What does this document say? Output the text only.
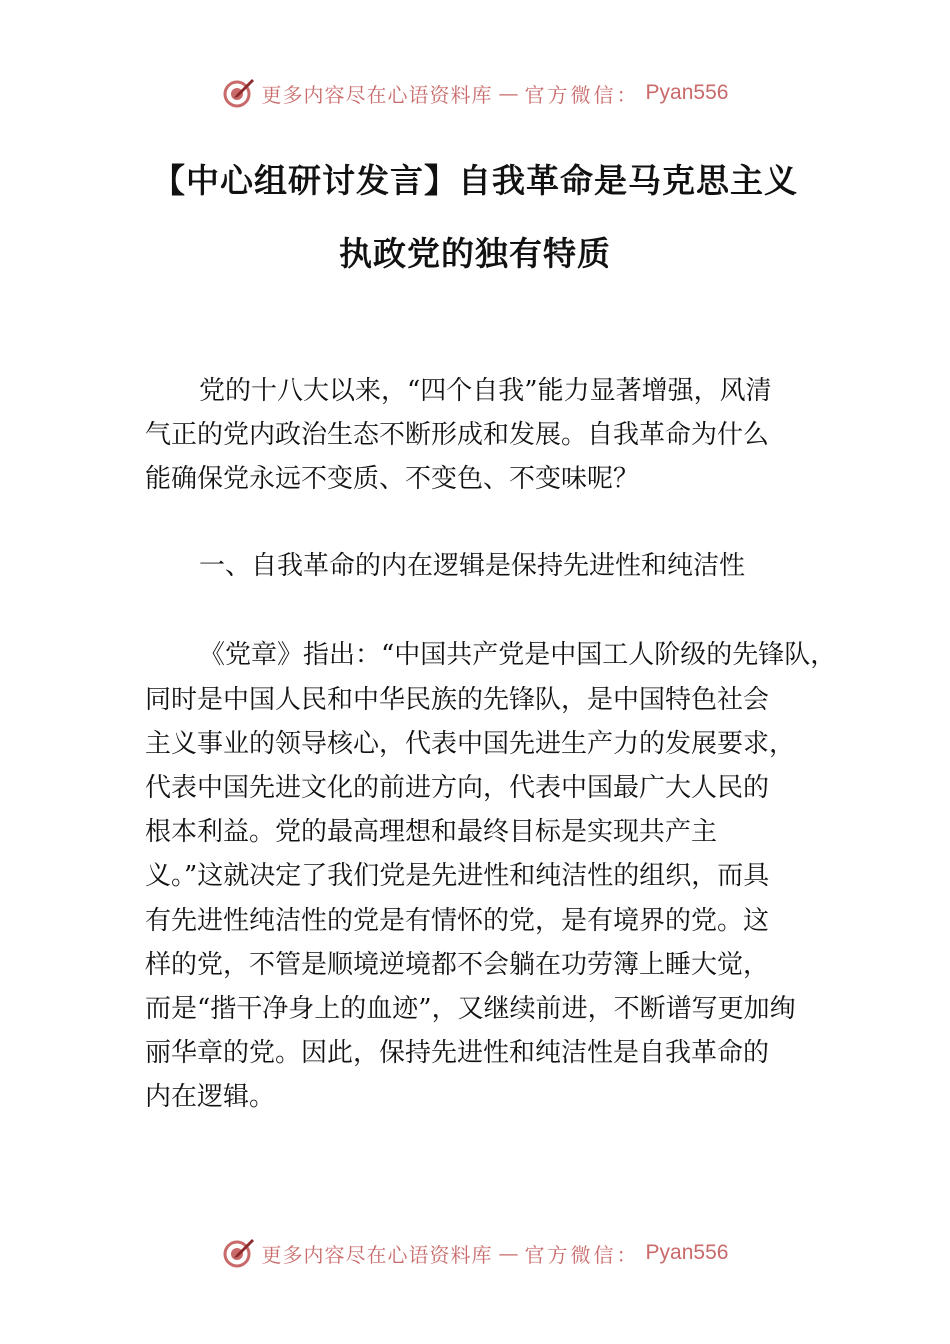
更多内容尽在心语资料库 — 官方微信： Pyan556
【中心组研讨发言】自我革命是马克思主义
执政党的独有特质
党的十八大以来，“四个自我”能力显著增强，风清
气正的党内政治生态不断形成和发展。自我革命为什么
能确保党永远不变质、不变色、不变味呢？
一、自我革命的内在逻辑是保持先进性和纯洁性
《党章》指出：“中国共产党是中国工人阶级的先锋队，
同时是中国人民和中华民族的先锋队，是中国特色社会
主义事业的领导核心，代表中国先进生产力的发展要求，
代表中国先进文化的前进方向，代表中国最广大人民的
根本利益。党的最高理想和最终目标是实现共产主
义。”这就决定了我们党是先进性和纯洁性的组织，而具
有先进性纯洁性的党是有情怀的党，是有境界的党。这
样的党，不管是顺境逆境都不会躺在功劳簿上睡大觉，
而是“揩干净身上的血迹”，又继续前进，不断谱写更加绚
丽华章的党。因此，保持先进性和纯洁性是自我革命的
内在逻辑。
更多内容尽在心语资料库 — 官方微信： Pyan556
